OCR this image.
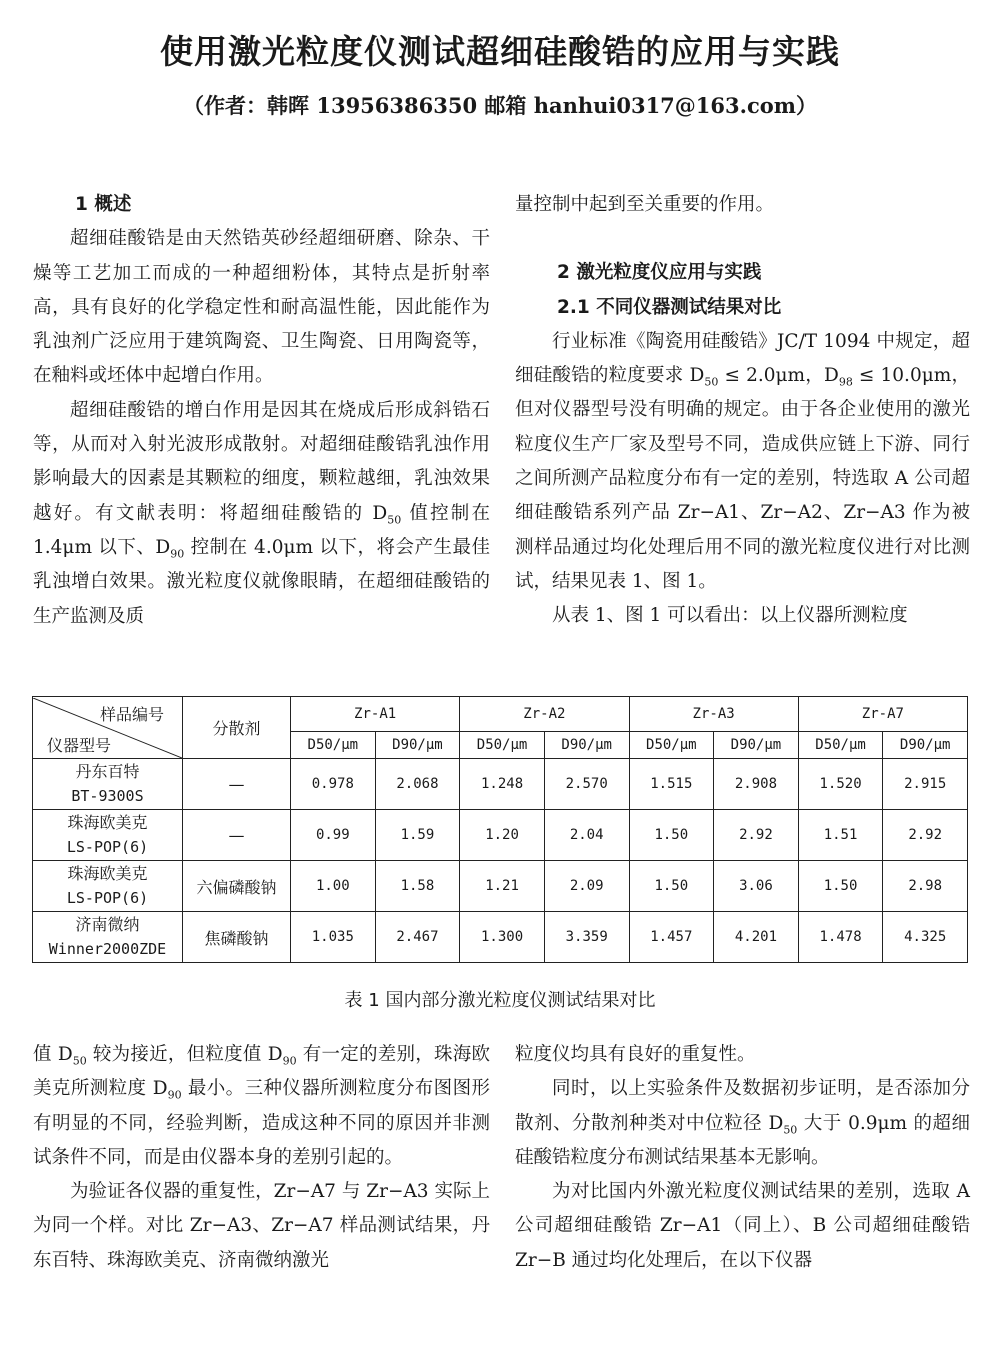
使用激光粒度仪测试超细硅酸锆的应用与实践
（作者：韩晖 13956386350 邮箱 hanhui0317@163.com）
1 概述

超细硅酸锆是由天然锆英砂经超细研磨、除杂、干燥等工艺加工而成的一种超细粉体，其特点是折射率高，具有良好的化学稳定性和耐高温性能，因此能作为乳浊剂广泛应用于建筑陶瓷、卫生陶瓷、日用陶瓷等，在釉料或坯体中起增白作用。

超细硅酸锆的增白作用是因其在烧成后形成斜锆石等，从而对入射光波形成散射。对超细硅酸锆乳浊作用影响最大的因素是其颗粒的细度，颗粒越细，乳浊效果越好。有文献表明：将超细硅酸锆的 $D_{50}$ 值控制在 1.4μm 以下、$D_{90}$ 控制在 4.0μm 以下，将会产生最佳乳浊增白效果。激光粒度仪就像眼睛，在超细硅酸锆的生产监测及质

量控制中起到至关重要的作用。

2 激光粒度仪应用与实践
2.1 不同仪器测试结果对比

行业标准《陶瓷用硅酸锆》JC/T 1094 中规定，超细硅酸锆的粒度要求 $D_{50} \le 2.0\mu m$，$D_{98} \le 10.0\mu m$，但对仪器型号没有明确的规定。由于各企业使用的激光粒度仪生产厂家及型号不同，造成供应链上下游、同行之间所测产品粒度分布有一定的差别，特选取 A 公司超细硅酸锆系列产品 Zr−A1、Zr−A2、Zr−A3 作为被测样品通过均化处理后用不同的激光粒度仪进行对比测试，结果见表 1、图 1。

从表 1、图 1 可以看出：以上仪器所测粒度

样品编号
仪器型号	分散剂	Zr-A1		Zr-A2		Zr-A3		Zr-A7	
		D50/μm	D90/μm	D50/μm	D90/μm	D50/μm	D90/μm	D50/μm	D90/μm
丹东百特
BT-9300S	—	0.978	2.068	1.248	2.570	1.515	2.908	1.520	2.915
珠海欧美克
LS-POP(6)	—	0.99	1.59	1.20	2.04	1.50	2.92	1.51	2.92
珠海欧美克
LS-POP(6)	六偏磷酸钠	1.00	1.58	1.21	2.09	1.50	3.06	1.50	2.98
济南微纳
Winner2000ZDE	焦磷酸钠	1.035	2.467	1.300	3.359	1.457	4.201	1.478	4.325
表 1 国内部分激光粒度仪测试结果对比

值 $D_{50}$ 较为接近，但粒度值 $D_{90}$ 有一定的差别，珠海欧美克所测粒度 $D_{90}$ 最小。三种仪器所测粒度分布图图形有明显的不同，经验判断，造成这种不同的原因并非测试条件不同，而是由仪器本身的差别引起的。

为验证各仪器的重复性，Zr−A7 与 Zr−A3 实际上为同一个样。对比 Zr−A3、Zr−A7 样品测试结果，丹东百特、珠海欧美克、济南微纳激光

粒度仪均具有良好的重复性。

同时，以上实验条件及数据初步证明，是否添加分散剂、分散剂种类对中位粒径 $D_{50}$ 大于 0.9μm 的超细硅酸锆粒度分布测试结果基本无影响。

为对比国内外激光粒度仪测试结果的差别，选取 A 公司超细硅酸锆 Zr−A1（同上）、B 公司超细硅酸锆 Zr−B 通过均化处理后，在以下仪器
